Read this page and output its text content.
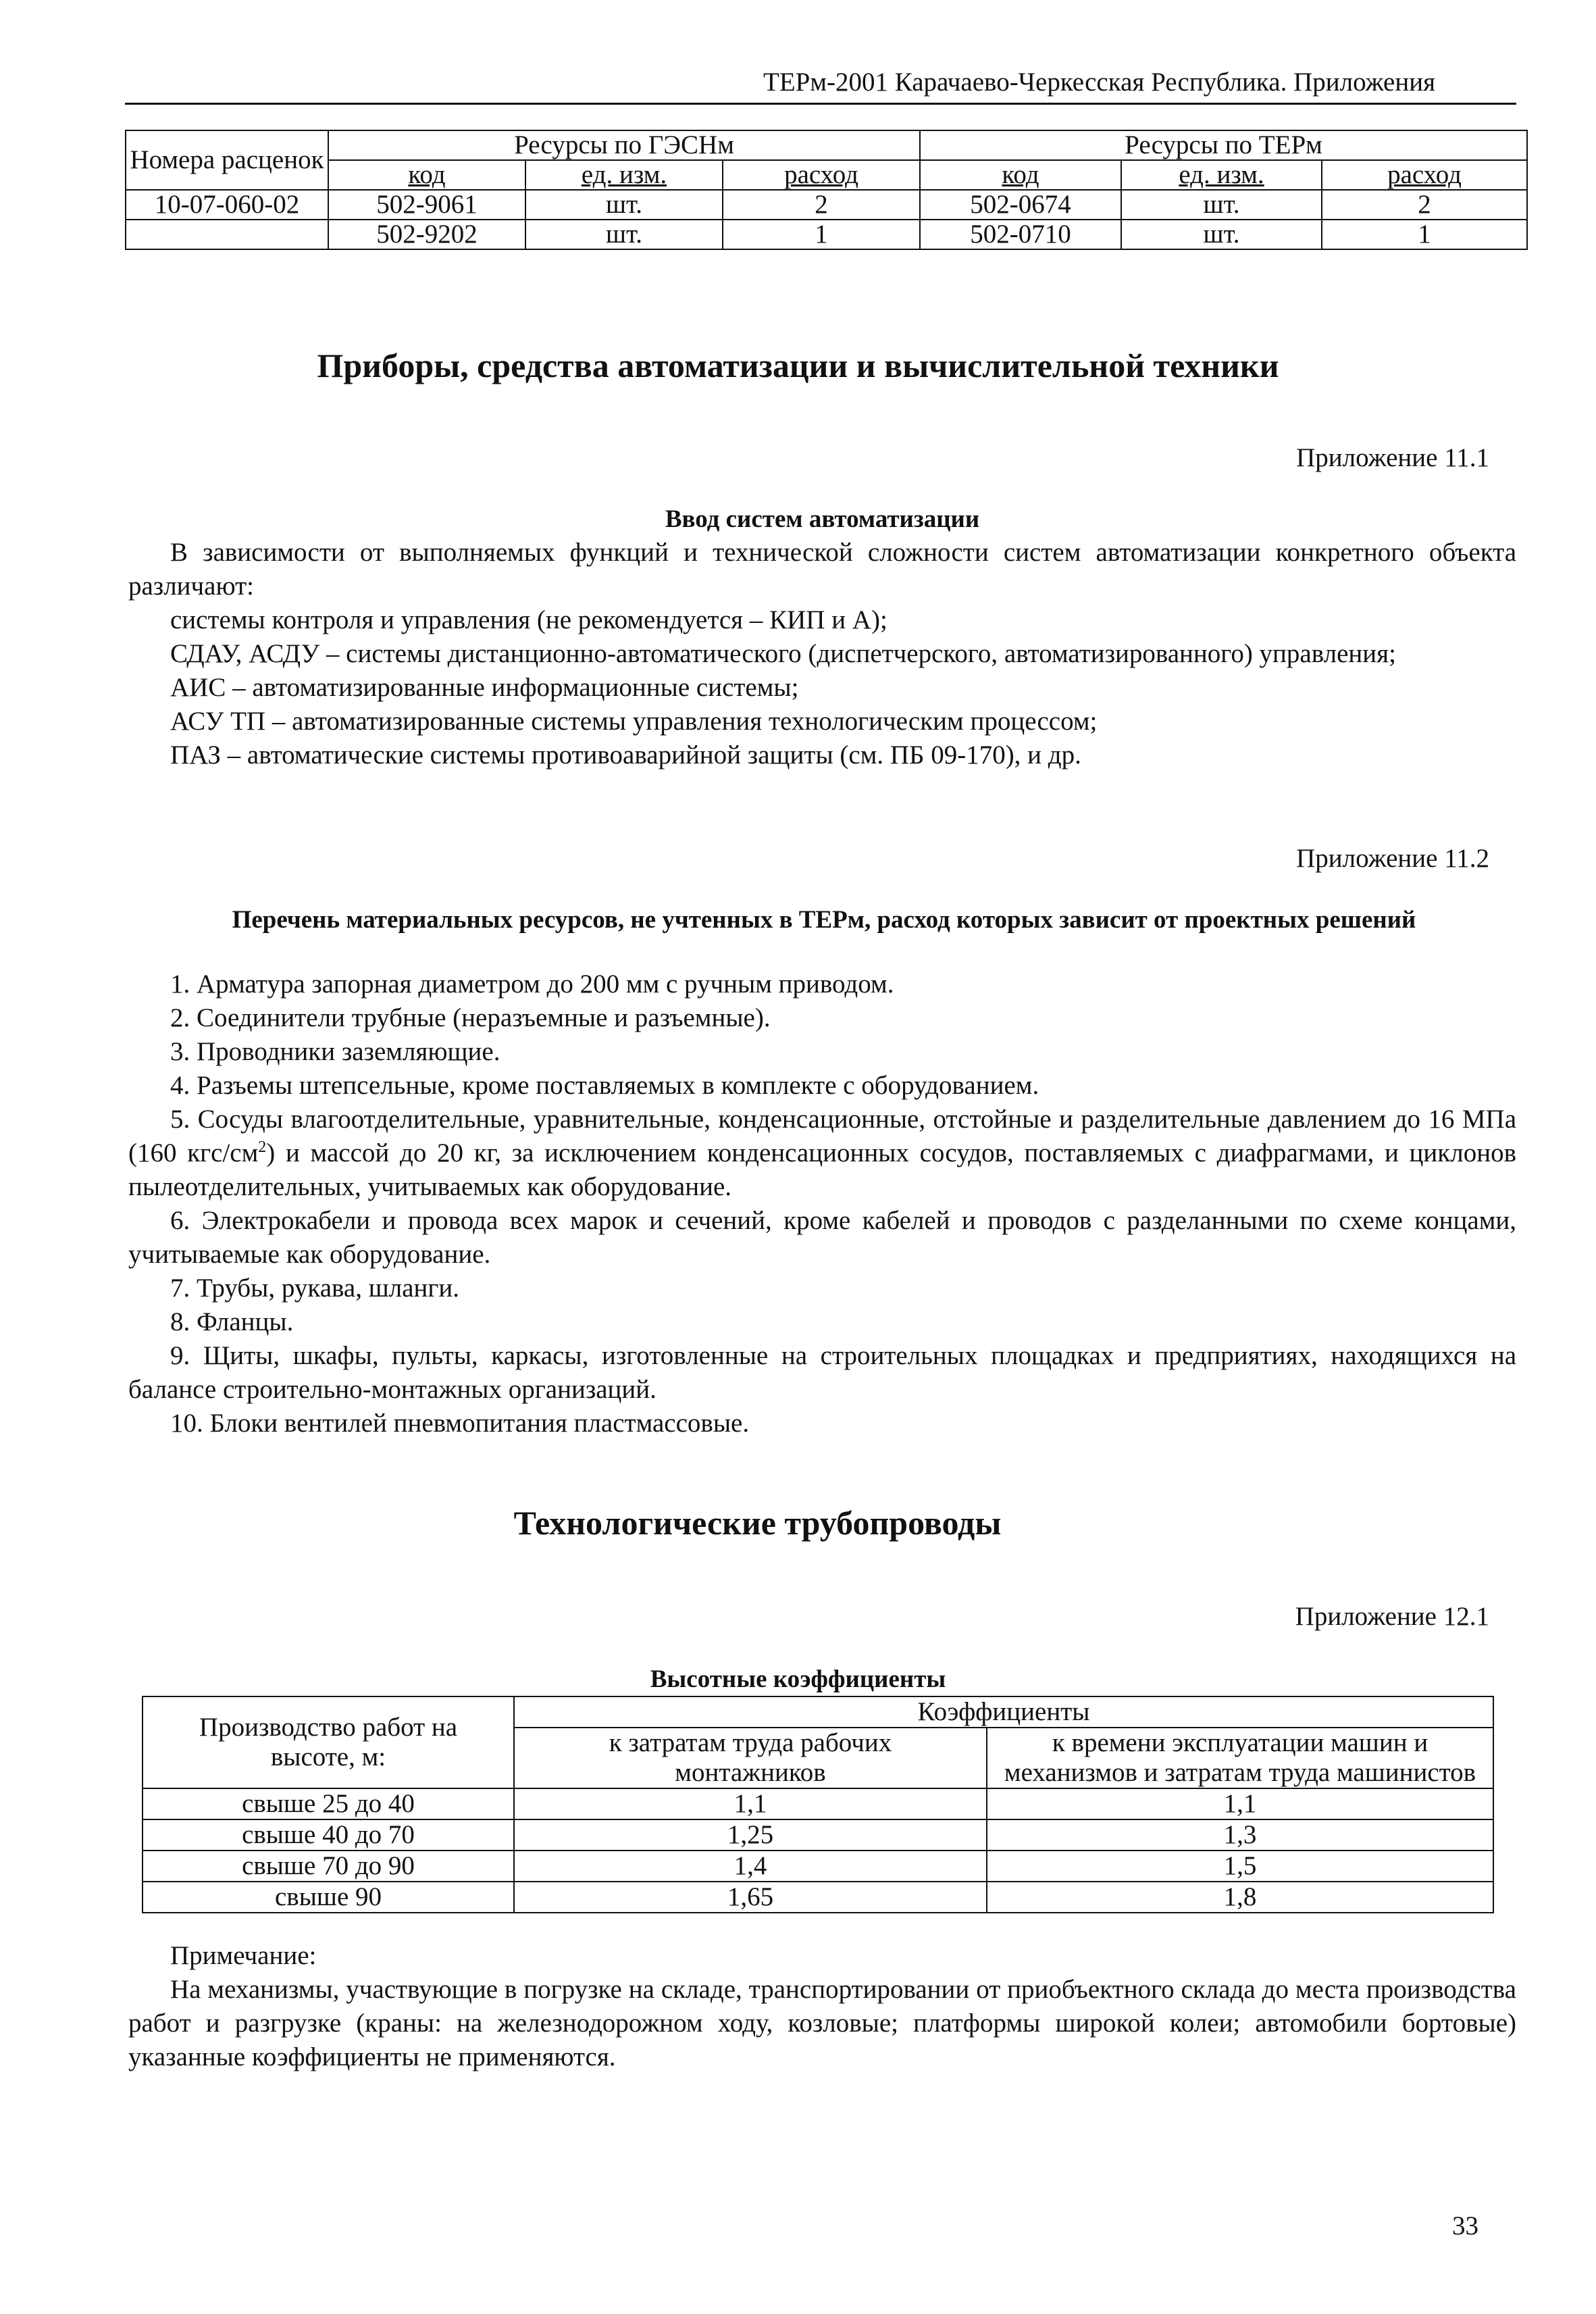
ТЕРм-2001 Карачаево-Черкесская Республика. Приложения
Номера расценок	Ресурсы по ГЭСНм			Ресурсы по ТЕРм		
	код	ед. изм.	расход	код	ед. изм.	расход
10-07-060-02	502-9061	шт.	2	502-0674	шт.	2
	502-9202	шт.	1	502-0710	шт.	1
Приборы, средства автоматизации и вычислительной техники
Приложение 11.1
Ввод систем автоматизации

В зависимости от выполняемых функций и технической сложности систем автоматизации конкретного объекта различают:

системы контроля и управления (не рекомендуется – КИП и А);

СДАУ, АСДУ – системы дистанционно-автоматического (диспетчерского, автоматизированного) управления;

АИС – автоматизированные информационные системы;

АСУ ТП – автоматизированные системы управления технологическим процессом;

ПАЗ – автоматические системы противоаварийной защиты (см. ПБ 09-170), и др.

Приложение 11.2
Перечень материальных ресурсов, не учтенных в ТЕРм, расход которых зависит от проектных решений

1. Арматура запорная диаметром до 200 мм с ручным приводом.

2. Соединители трубные (неразъемные и разъемные).

3. Проводники заземляющие.

4. Разъемы штепсельные, кроме поставляемых в комплекте с оборудованием.

5. Сосуды влагоотделительные, уравнительные, конденсационные, отстойные и разделительные давлением до 16 МПа (160 кгс/$см^2$) и массой до 20 кг, за исключением конденсационных сосудов, поставляемых с диафрагмами, и циклонов пылеотделительных, учитываемых как оборудование.

6. Электрокабели и провода всех марок и сечений, кроме кабелей и проводов с разделанными по схеме концами, учитываемые как оборудование.

7. Трубы, рукава, шланги.

8. Фланцы.

9. Щиты, шкафы, пульты, каркасы, изготовленные на строительных площадках и предприятиях, находящихся на балансе строительно-монтажных организаций.

10. Блоки вентилей пневмопитания пластмассовые.

Технологические трубопроводы
Приложение 12.1
Высотные коэффициенты
Производство работ на высоте, м:	Коэффициенты	
	к затратам труда рабочих монтажников	к времени эксплуатации машин и механизмов и затратам труда машинистов
свыше 25 до 40	1,1	1,1
свыше 40 до 70	1,25	1,3
свыше 70 до 90	1,4	1,5
свыше 90	1,65	1,8

Примечание:

На механизмы, участвующие в погрузке на складе, транспортировании от приобъектного склада до места производства работ и разгрузке (краны: на железнодорожном ходу, козловые; платформы широкой колеи; автомобили бортовые) указанные коэффициенты не применяются.

33
